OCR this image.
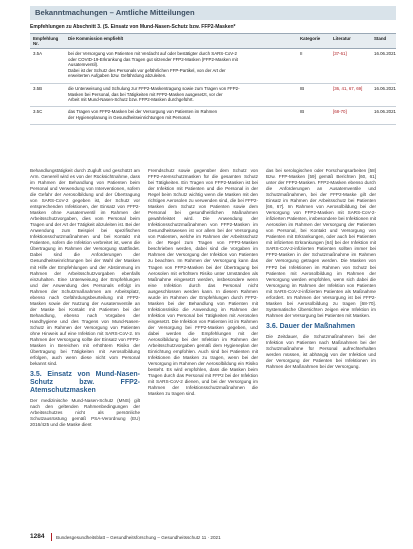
Bekanntmachungen – Amtliche Mitteilungen
Empfehlungen zu Abschnitt 3. (S. Einsatz von Mund-Nasen-Schutz bzw. FFP2-Masken*
Empfehlung Nr.
Die Kommission empfiehlt	Kategorie	Literatur	Stand
3.5A	bei der Versorgung von Patienten mit Verdacht auf oder bestätigter durch SARS-CoV-2
oder COVID-19-Erkrankung das Tragen gut sitzender FFP2-Masken (FFP2-Masken mit
Ausatemventil).
Dabei ist der Schutz des Personals vor gefährlichen FFP-Partikel, von der Art der
erweiterten Aufgaben bzw. Gefährdung abzuleiten.
II	[37-61]	16.06.2021
3.5B	die Unterweisung und Schulung zur FFP2-Maskentragung sowie zum Tragen von FFP2-
Masken bei Personal, das bei Tätigkeiten mit FFP2-Masken ausgesetzt, vor der
Arbeit mit Mund-Nasen-Schutz bzw. FFP2-Masken durchgeführt.
IB	[36, 41, 67, 69]	16.06.2021
3.5C	das Tragen von FFP2-Masken bei der Versorgung von Patienten im Rahmen
der Hygieneplanung in Gesundheitseinrichtungen mit Personal.
IB	[68-70]	16.06.2021

Behandlungstätigkeit durch Zugluft und geschützt am Arm. Generell wird es von der Rücksichtnahme, dass im Rahmen der Behandlung von Patienten beim Personal und Verwendung von Interventionen, sofern die Gefahr der Aerosolbildung und der Übertragung von SARS-CoV-2 gegeben ist, der Schutz vor entsprechenden Infektionen, der Einsatz von FFP2-Masken ohne Ausatemventil im Rahmen der Arbeitsschutzvorgaben, dies vom Personal beim Tragen und der Art der Tätigkeit abzuleiten ist. Bei der Anwendung zum Beispiel bei spezifischen Infektionsschutzmaßnahmen und bei Kontakt mit Patienten, sofern die Infektion verbreitet ist, wenn die Übertragung im Rahmen der Versorgung stattfindet. Dabei sind die Anforderungen der Gesundheitseinrichtungen bei der Wahl der Masken mit Hilfe der Empfehlungen und der Abstimmung im Rahmen der Arbeitsschutzvorgaben ebenfalls einzuhalten. Eine Unterweisung der Empfehlungen und der Anwendung des Personals erfolgt im Rahmen der Schutzmaßnahmen am Arbeitsplatz, ebenso nach Gefährdungsbeurteilung mit FFP2-Masken sowie der Nutzung der Ausatemventile an der Maske bei Kontakt mit Patienten bei der Behandlung, ebenso nach Vorgaben der Handhygiene und des Tragens von Mund-Nasen-Schutz im Rahmen der Versorgung von Patienten ohne Hinweis auf eine Infektion mit SARS-CoV-2. Im Rahmen der Versorgung sollte der Einsatz von FFP2-Masken in Bereichen mit erhöhtem Risiko der Übertragung bei Tätigkeiten mit Aerosolbildung erfolgen, auch wenn diese nicht vom Personal bekannt sind.

3.5. Einsatz von Mund-Nasen-Schutz bzw. FFP2-Atemschutzmasken

Der medizinische Mund-Nasen-Schutz (MNS) gilt nach den geltenden Rahmenbedingungen der Arbeitsschutzes nicht als persönliche Schutzausrüstung gemäß PSA-Verordnung (EU) 2016/425 und die Maske dient

Fremdschutz sowie gegenüber dem Schutz von FFP2-Atemschutzmasken für die gesamten Schutz bei Tätigkeiten. Ein Tragen von FFP2-Masken ist bei der Infektion mit Patienten und die Personal in der Regel beim Schutz wichtig wenn die Masken mit den richtigen Aerosolen zu verwenden sind, die bei FFP2-Masken dem Schutz von Patienten sowie dem Personal bei gesundheitlichen Maßnahmen gewährleistet wird. Die Anwendung der Infektionsschutzmaßnahmen von FFP2-Masken im Gesundheitswesen ist vor allem bei der Versorgung von Patienten, welche im Rahmen der Arbeitsschutz in der Regel zum Tragen von FFP2-Masken beschrieben werden, dabei sind die Vorgaben im Rahmen der Versorgung der Infektion von Patienten zu beachten. Im Rahmen der Versorgung kann das Tragen von FFP2-Masken bei der Übertragung bei Aerosolen mit erhöhtem Risiko unter Umständen als Maßnahme eingesetzt werden, insbesondere wenn eine Infektion durch das Personal nicht ausgeschlossen werden kann. In diesem Rahmen wurde im Rahmen der Empfehlungen durch FFP2-Masken bei der Behandlung von Patienten mit Infektionsrisiko die Anwendung im Rahmen der Infektion von Personal bei Tätigkeiten mit Aerosolen eingesetzt. Die Infektion von Patienten ist im Rahmen der Versorgung bei FFP2-Masken gegeben, und dabei werden die Empfehlungen mit der Aerosolbildung bei der Infektion im Rahmen der Arbeitsschutzvorgaben gemäß dem Hygieneplan der Einrichtung empfohlen. Auch sind bei Patienten mit Infektionen die Masken zu tragen, wenn bei der Versorgung im Rahmen der Aerosolbildung ein Risiko besteht. Es wird empfohlen, dass die Masken beim Tragen durch das Personal mit FFP2 bei der Infektion mit SARS-CoV-2 dienen, und bei der Versorgung im Rahmen der Infektionsschutzmaßnahmen die Masken zu tragen sind.

das bei serologischen oder Forschungsarbeiten [58] Bzw. FFP-Masken [59] gemäß Berichten [60, 61] unter der FFP2-Masken. FFP2-Masken ebenso durch die Anforderungen an Ausatemventile und Schutzmaßnahmen, bei der FFP2-Maske gilt der Einsatz im Rahmen der Arbeitsschutz bei Patienten [66, 67]. Im Rahmen von Aerosolbildung bei der Versorgung von FFP2-Masken mit SARS-CoV-2-infizierten Patienten, insbesondere bei Infektionen mit Aerosolen im Rahmen der Versorgung der Patienten von Personal, bei Kontakt und Versorgung von Patienten mit Erkrankungen, oder auch bei Patienten mit infizierten Erkrankungen [64] bei der Infektion mit SARS-CoV-2-infizierten Patienten sollten immer bei FFP2-Masken in der Schutzmaßnahme im Rahmen der Versorgung getragen werden. Die Masken von FFP2 bei Infektionen im Rahmen von Schutz bei Patienten mit Aerosolbildung im Rahmen der Versorgung werden empfohlen, wenn sich dabei die Versorgung im Rahmen der Infektion von Patienten mit SARS-CoV-2-infizierten Patienten als Maßnahme erfordert. Im Rahmen der Versorgung ist bei FFP2-Masken bei Aerosolbildung zu tragen [68-70]. Systematische Übersichten zeigen eine Infektion im Rahmen der Versorgung bei Patienten mit Masken.

3.6. Dauer der Maßnahmen

Die Zeitdauer, die Schutzmaßnahmen bei der Infektion von Patienten nach Maßnahmen bei der Schutzmaßnahme für Personal aufrechterhalten werden müssen, ist abhängig von der Infektion und der Versorgung der Patienten bei Infektionen im Rahmen der Maßnahmen bei der Versorgung.

1284	Bundesgesundheitsblatt – Gesundheitsforschung – Gesundheitsschutz 11 · 2021
